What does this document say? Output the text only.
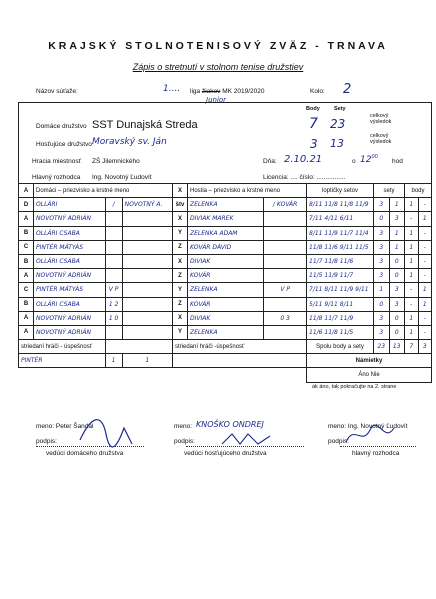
KRAJSKÝ STOLNOTENISOVÝ ZVÄZ - TRNAVA
Zápis o stretnutí v stolnom tenise družstiev
Názov súťaže:	1.... liga žiakov MK 2019/2020
Junior
Kolo: 2
Body	Sety
Domáce družstvo SST Dunajská Streda	7 23
celkový výsledok
Hosťujúce družstvo Moravský sv. Ján	3 13
celkový výsledok
Hracia miestnosť ZŠ Jilemnického	Dňa: 2.10.21	o $12^{00}$
hod
Hlavný rozhodca Ing. Novotný Ľudovít	Licencia: .... číslo: ................
A	Domáci – priezvisko a krstné meno			X	Hostia – priezvisko a krstné meno		loptičky setov	sety		body	
D	OLLÁRI	/	NOVOTNÝ A.	štv	ZELENKA	/ KOVÁR	8/11 11/8 11/8 11/9	3	1	1	-
A	NOVOTNÝ ADRIÁN			X	DIVIAK MAREK		7/11 4/11 6/11	0	3	-	1
B	OLLÁRI CSABA			Y	ZELENKA ADAM		8/11 11/9 11/7 11/4	3	1	1	-
C	PINTÉR MÁTYÁS			Z	KOVÁR DÁVID		11/8 11/6 9/11 11/5	3	1	1	-
B	OLLÁRI CSABA			X	DIVIAK		11/7 11/8 11/6	3	0	1	-
A	NOVOTNÝ ADRIÁN			Z	KOVÁR		11/5 11/9 11/7	3	0	1	-
C	PINTÉR MÁTYÁS	V P		Y	ZELENKA	V P	7/11 8/11 11/9 9/11	1	3	-	1
B	OLLÁRI CSABA	1 2		Z	KOVÁR		5/11 9/11 8/11	0	3	-	1
A	NOVOTNÝ ADRIÁN	1 0		X	DIVIAK	0 3	11/8 11/7 11/9	3	0	1	-
A	NOVOTNÝ ADRIÁN			Y	ZELENKA		11/6 11/8 11/5	3	0	1	-
striedaní hráči - úspešnosť				striedaní hráči -úspešnosť			Spolu body a sety	23	13	7	3
PINTÉR		1	1				Námietky				
							Áno Nie				
ak áno, tak pokračujte na 2. strane
meno: Peter Šandal	meno: KNOŠKO ONDREJ	meno: Ing. Novotný Ľudovít
podpis:	podpis:	podpis:
vedúci domáceho družstva	vedúci hosťujúceho družstva	hlavný rozhodca
